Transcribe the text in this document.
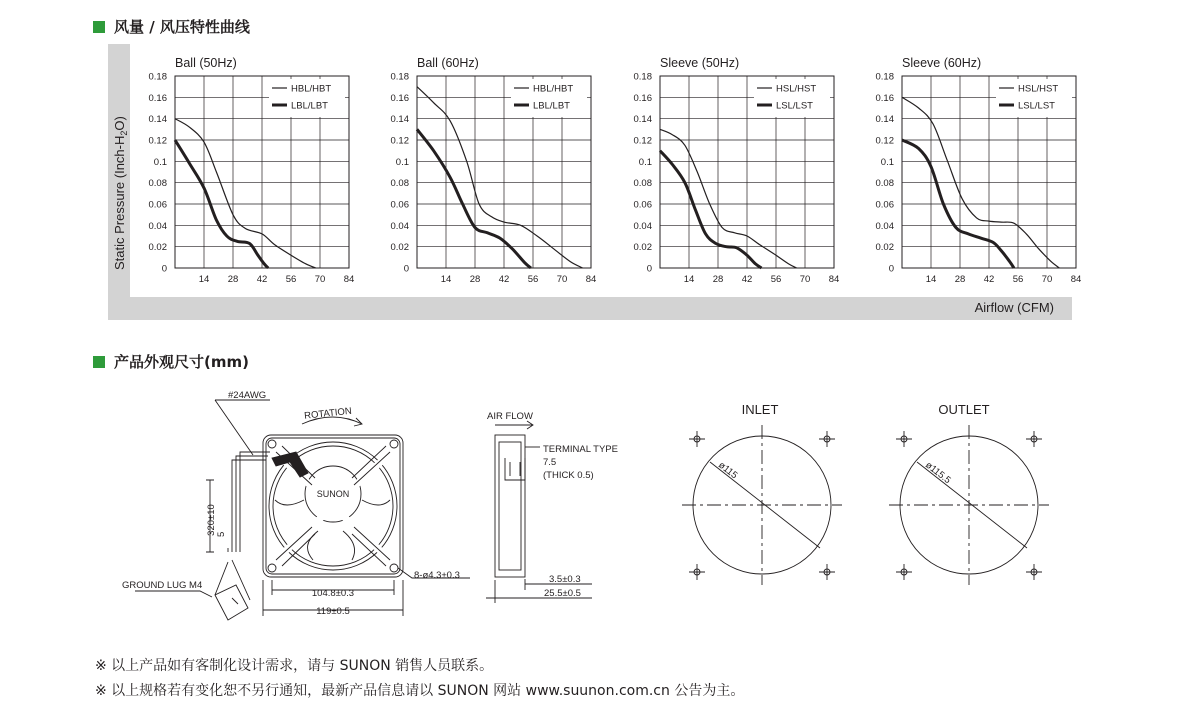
风量 / 风压特性曲线
Static Pressure $(Inch-H_2O)$
Airflow (CFM)
Ball (50Hz)
0.18
0.16
0.14
0.12
0.1
0.08
0.06
0.04
0.02
0
14 28 42 56 70 84
HBL/HBT
LBL/LBT
Ball (60Hz)
0.18
0.16
0.14
0.12
0.1
0.08
0.06
0.04
0.02
0
14 28 42 56 70 84
HBL/HBT
LBL/LBT
Sleeve (50Hz)
0.18
0.16
0.14
0.12
0.1
0.08
0.06
0.04
0.02
0
14 28 42 56 70 84
HSL/HST
LSL/LST
Sleeve (60Hz)
0.18
0.16
0.14
0.12
0.1
0.08
0.06
0.04
0.02
0
14 28 42 56 70 84
HSL/HST
LSL/LST
产品外观尺寸(mm)
#24AWG
ROTATION
SUNON
320±10 5
GROUND LUG M4
104.8±0.3
119±0.5
8-ø4.3±0.3
AIR FLOW
TERMINAL TYPE
7.5
(THICK 0.5)
3.5±0.3
25.5±0.5
INLET
ø115
OUTLET
ø115.5
※ 以上产品如有客制化设计需求，请与 SUNON 销售人员联系。
※ 以上规格若有变化恕不另行通知，最新产品信息请以 SUNON 网站 www.suunon.com.cn 公告为主。
